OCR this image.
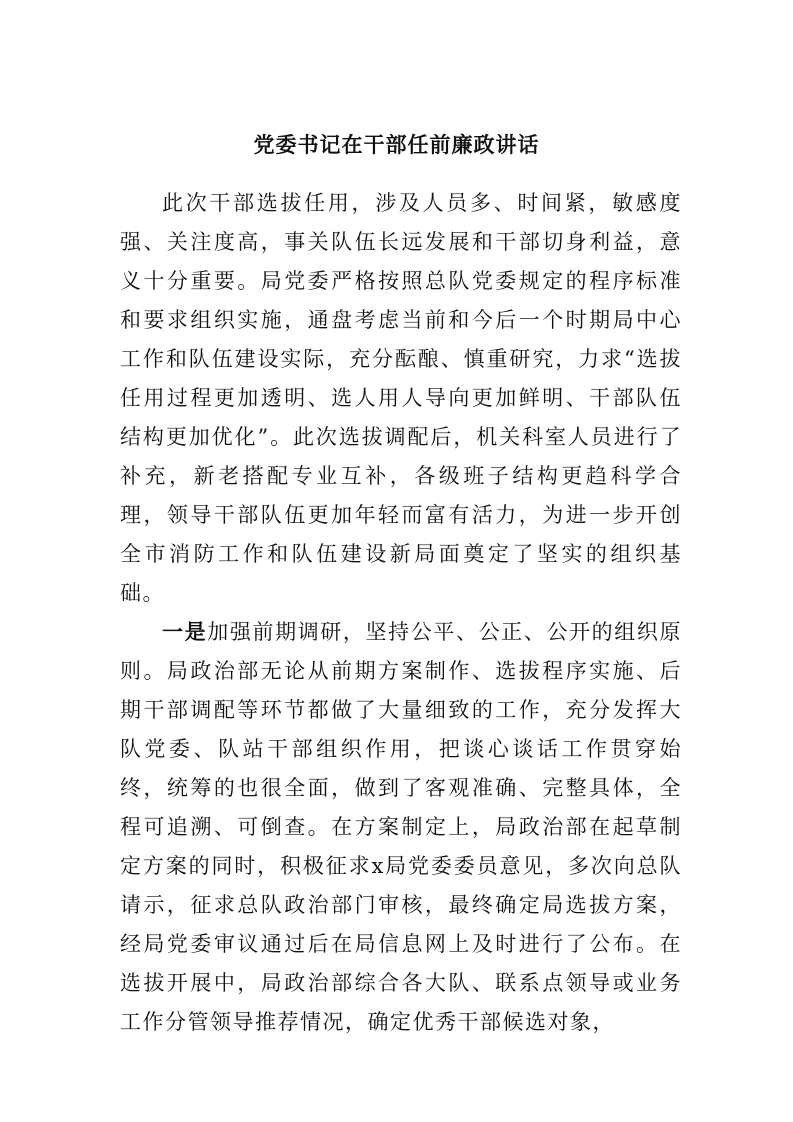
党委书记在干部任前廉政讲话

此次干部选拔任用，涉及人员多、时间紧，敏感度强、关注度高，事关队伍长远发展和干部切身利益，意义十分重要。局党委严格按照总队党委规定的程序标准和要求组织实施，通盘考虑当前和今后一个时期局中心工作和队伍建设实际，充分酝酿、慎重研究，力求“选拔任用过程更加透明、选人用人导向更加鲜明、干部队伍结构更加优化”。此次选拔调配后，机关科室人员进行了补充，新老搭配专业互补，各级班子结构更趋科学合理，领导干部队伍更加年轻而富有活力，为进一步开创全市消防工作和队伍建设新局面奠定了坚实的组织基础。

一是加强前期调研，坚持公平、公正、公开的组织原则。局政治部无论从前期方案制作、选拔程序实施、后期干部调配等环节都做了大量细致的工作，充分发挥大队党委、队站干部组织作用，把谈心谈话工作贯穿始终，统筹的也很全面，做到了客观准确、完整具体，全程可追溯、可倒查。在方案制定上，局政治部在起草制定方案的同时，积极征求x局党委委员意见，多次向总队请示，征求总队政治部门审核，最终确定局选拔方案，经局党委审议通过后在局信息网上及时进行了公布。在选拔开展中，局政治部综合各大队、联系点领导或业务工作分管领导推荐情况，确定优秀干部候选对象，
